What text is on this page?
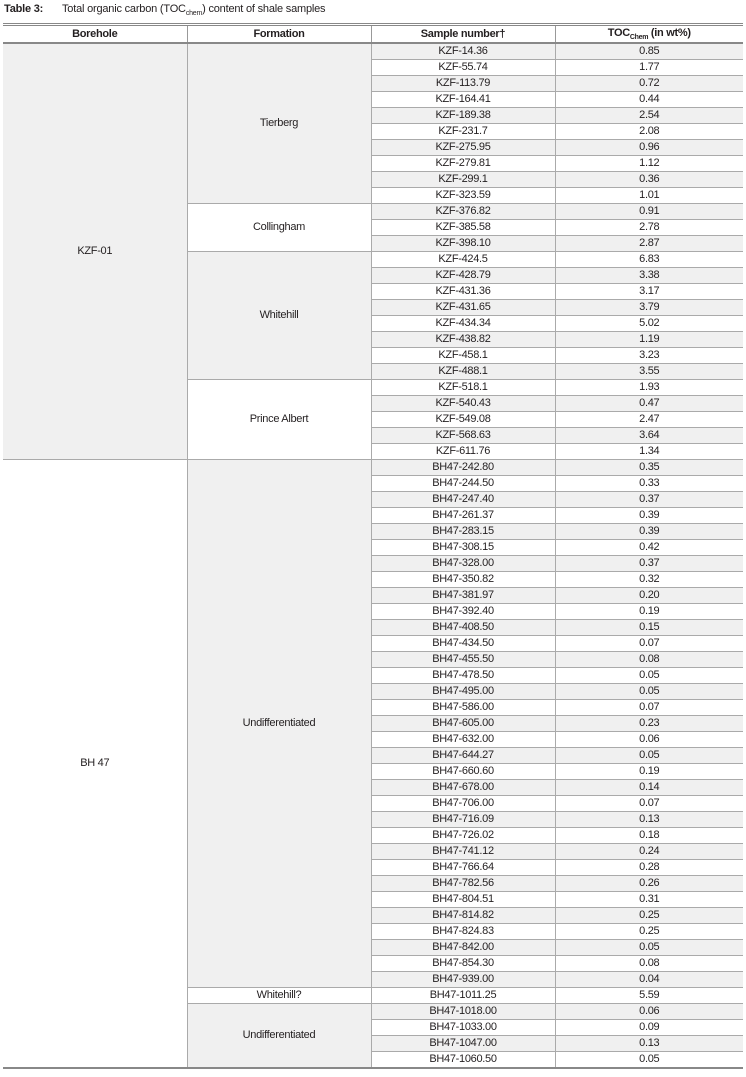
Table 3: Total organic carbon $(TOC_{chem})$ content of shale samples
Borehole	Formation	Sample number†	$TOC_{Chem}$ (in wt%)
KZF-01	Tierberg	KZF-14.36	0.85
		KZF-55.74	1.77
		KZF-113.79	0.72
		KZF-164.41	0.44
		KZF-189.38	2.54
		KZF-231.7	2.08
		KZF-275.95	0.96
		KZF-279.81	1.12
		KZF-299.1	0.36
		KZF-323.59	1.01
	Collingham	KZF-376.82	0.91
		KZF-385.58	2.78
		KZF-398.10	2.87
	Whitehill	KZF-424.5	6.83
		KZF-428.79	3.38
		KZF-431.36	3.17
		KZF-431.65	3.79
		KZF-434.34	5.02
		KZF-438.82	1.19
		KZF-458.1	3.23
		KZF-488.1	3.55
	Prince Albert	KZF-518.1	1.93
		KZF-540.43	0.47
		KZF-549.08	2.47
		KZF-568.63	3.64
		KZF-611.76	1.34
BH 47	Undifferentiated	BH47-242.80	0.35
		BH47-244.50	0.33
		BH47-247.40	0.37
		BH47-261.37	0.39
		BH47-283.15	0.39
		BH47-308.15	0.42
		BH47-328.00	0.37
		BH47-350.82	0.32
		BH47-381.97	0.20
		BH47-392.40	0.19
		BH47-408.50	0.15
		BH47-434.50	0.07
		BH47-455.50	0.08
		BH47-478.50	0.05
		BH47-495.00	0.05
		BH47-586.00	0.07
		BH47-605.00	0.23
		BH47-632.00	0.06
		BH47-644.27	0.05
		BH47-660.60	0.19
		BH47-678.00	0.14
		BH47-706.00	0.07
		BH47-716.09	0.13
		BH47-726.02	0.18
		BH47-741.12	0.24
		BH47-766.64	0.28
		BH47-782.56	0.26
		BH47-804.51	0.31
		BH47-814.82	0.25
		BH47-824.83	0.25
		BH47-842.00	0.05
		BH47-854.30	0.08
		BH47-939.00	0.04
	Whitehill?	BH47-1011.25	5.59
	Undifferentiated	BH47-1018.00	0.06
		BH47-1033.00	0.09
		BH47-1047.00	0.13
		BH47-1060.50	0.05
